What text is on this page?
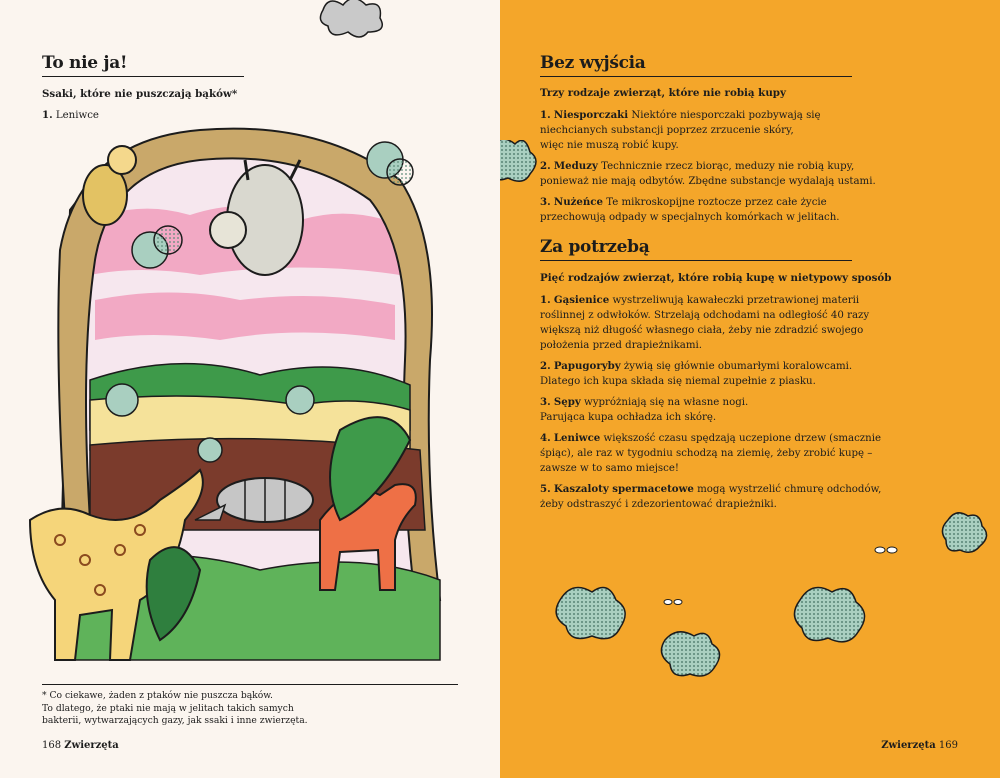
To nie ja!
Ssaki, które nie puszczają bąków*
1. Leniwce
* Co ciekawe, żaden z ptaków nie puszcza bąków.
To dlatego, że ptaki nie mają w jelitach takich samych
bakterii, wytwarzających gazy, jak ssaki i inne zwierzęta.
168 Zwierzęta
Bez wyjścia
Trzy rodzaje zwierząt, które nie robią kupy
1. Niesporczaki Niektóre niesporczaki pozbywają się
niechcianych substancji poprzez zrzucenie skóry,
więc nie muszą robić kupy.
2. Meduzy Technicznie rzecz biorąc, meduzy nie robią kupy,
ponieważ nie mają odbytów. Zbędne substancje wydalają ustami.
3. Nużeńce Te mikroskopijne roztocze przez całe życie
przechowują odpady w specjalnych komórkach w jelitach.
Za potrzebą
Pięć rodzajów zwierząt, które robią kupę w nietypowy sposób
1. Gąsienice wystrzeliwują kawałeczki przetrawionej materii
roślinnej z odwłoków. Strzelają odchodami na odległość 40 razy
większą niż długość własnego ciała, żeby nie zdradzić swojego
położenia przed drapieżnikami.
2. Papugoryby żywią się głównie obumarłymi koralowcami.
Dlatego ich kupa składa się niemal zupełnie z piasku.
3. Sępy wypróżniają się na własne nogi.
Parująca kupa ochładza ich skórę.
4. Leniwce większość czasu spędzają uczepione drzew (smacznie
śpiąc), ale raz w tygodniu schodzą na ziemię, żeby zrobić kupę –
zawsze w to samo miejsce!
5. Kaszaloty spermacetowe mogą wystrzelić chmurę odchodów,
żeby odstraszyć i zdezorientować drapieżniki.
Zwierzęta 169
